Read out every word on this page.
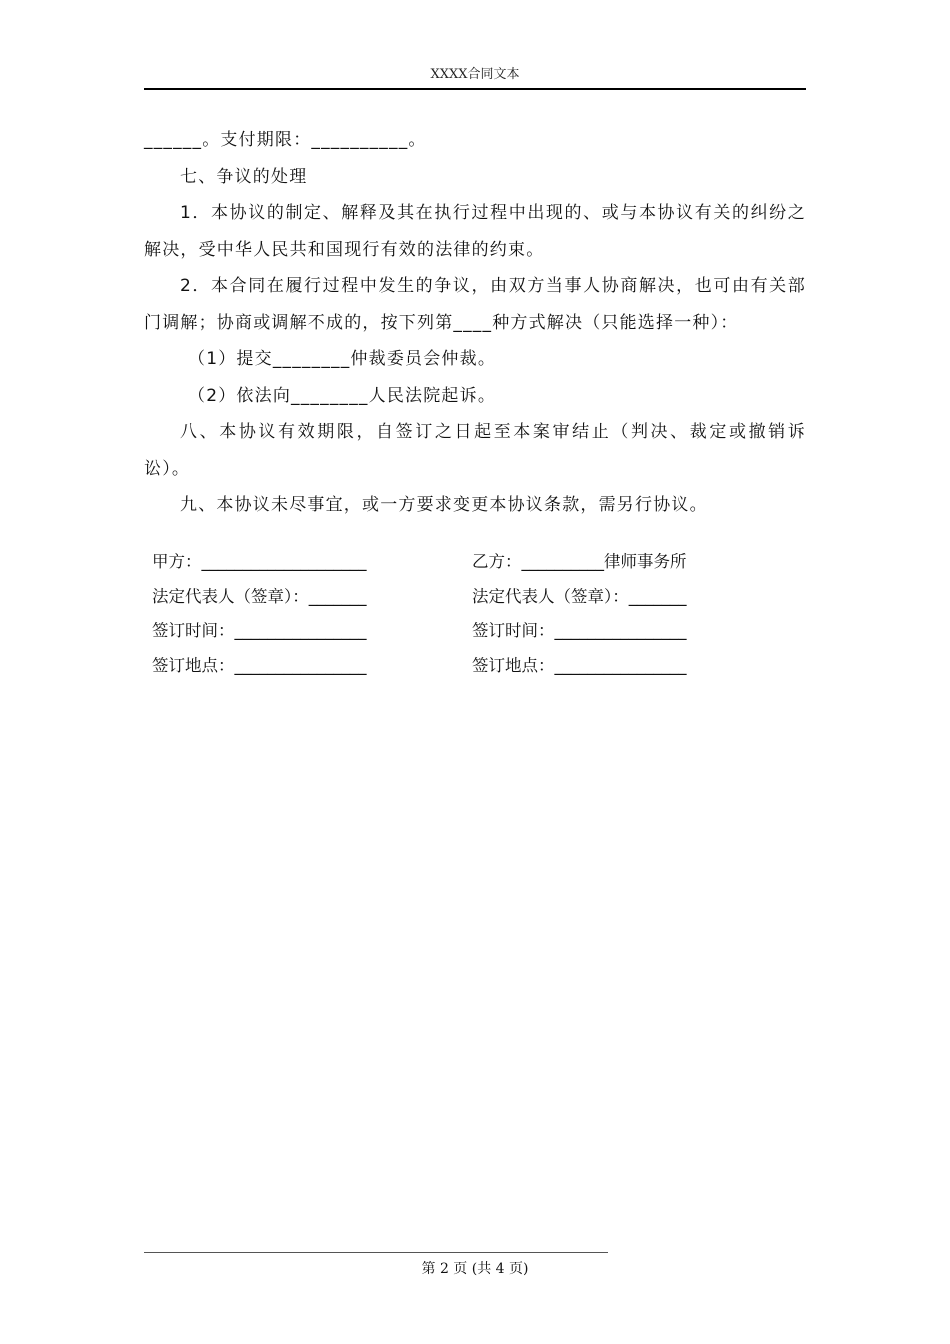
XXXX合同文本

______。支付期限：__________。

七、争议的处理

1．本协议的制定、解释及其在执行过程中出现的、或与本协议有关的纠纷之解决，受中华人民共和国现行有效的法律的约束。

2．本合同在履行过程中发生的争议，由双方当事人协商解决，也可由有关部门调解；协商或调解不成的，按下列第____种方式解决（只能选择一种）：

（1）提交________仲裁委员会仲裁。

（2）依法向________人民法院起诉。

八、本协议有效期限，自签订之日起至本案审结止（判决、裁定或撤销诉讼）。

九、本协议未尽事宜，或一方要求变更本协议条款，需另行协议。

甲方：____________________	乙方：__________律师事务所
法定代表人（签章）：_______	法定代表人（签章）：_______
签订时间：________________	签订时间：________________
签订地点：________________	签订地点：________________
第 2 页 (共 4 页)
